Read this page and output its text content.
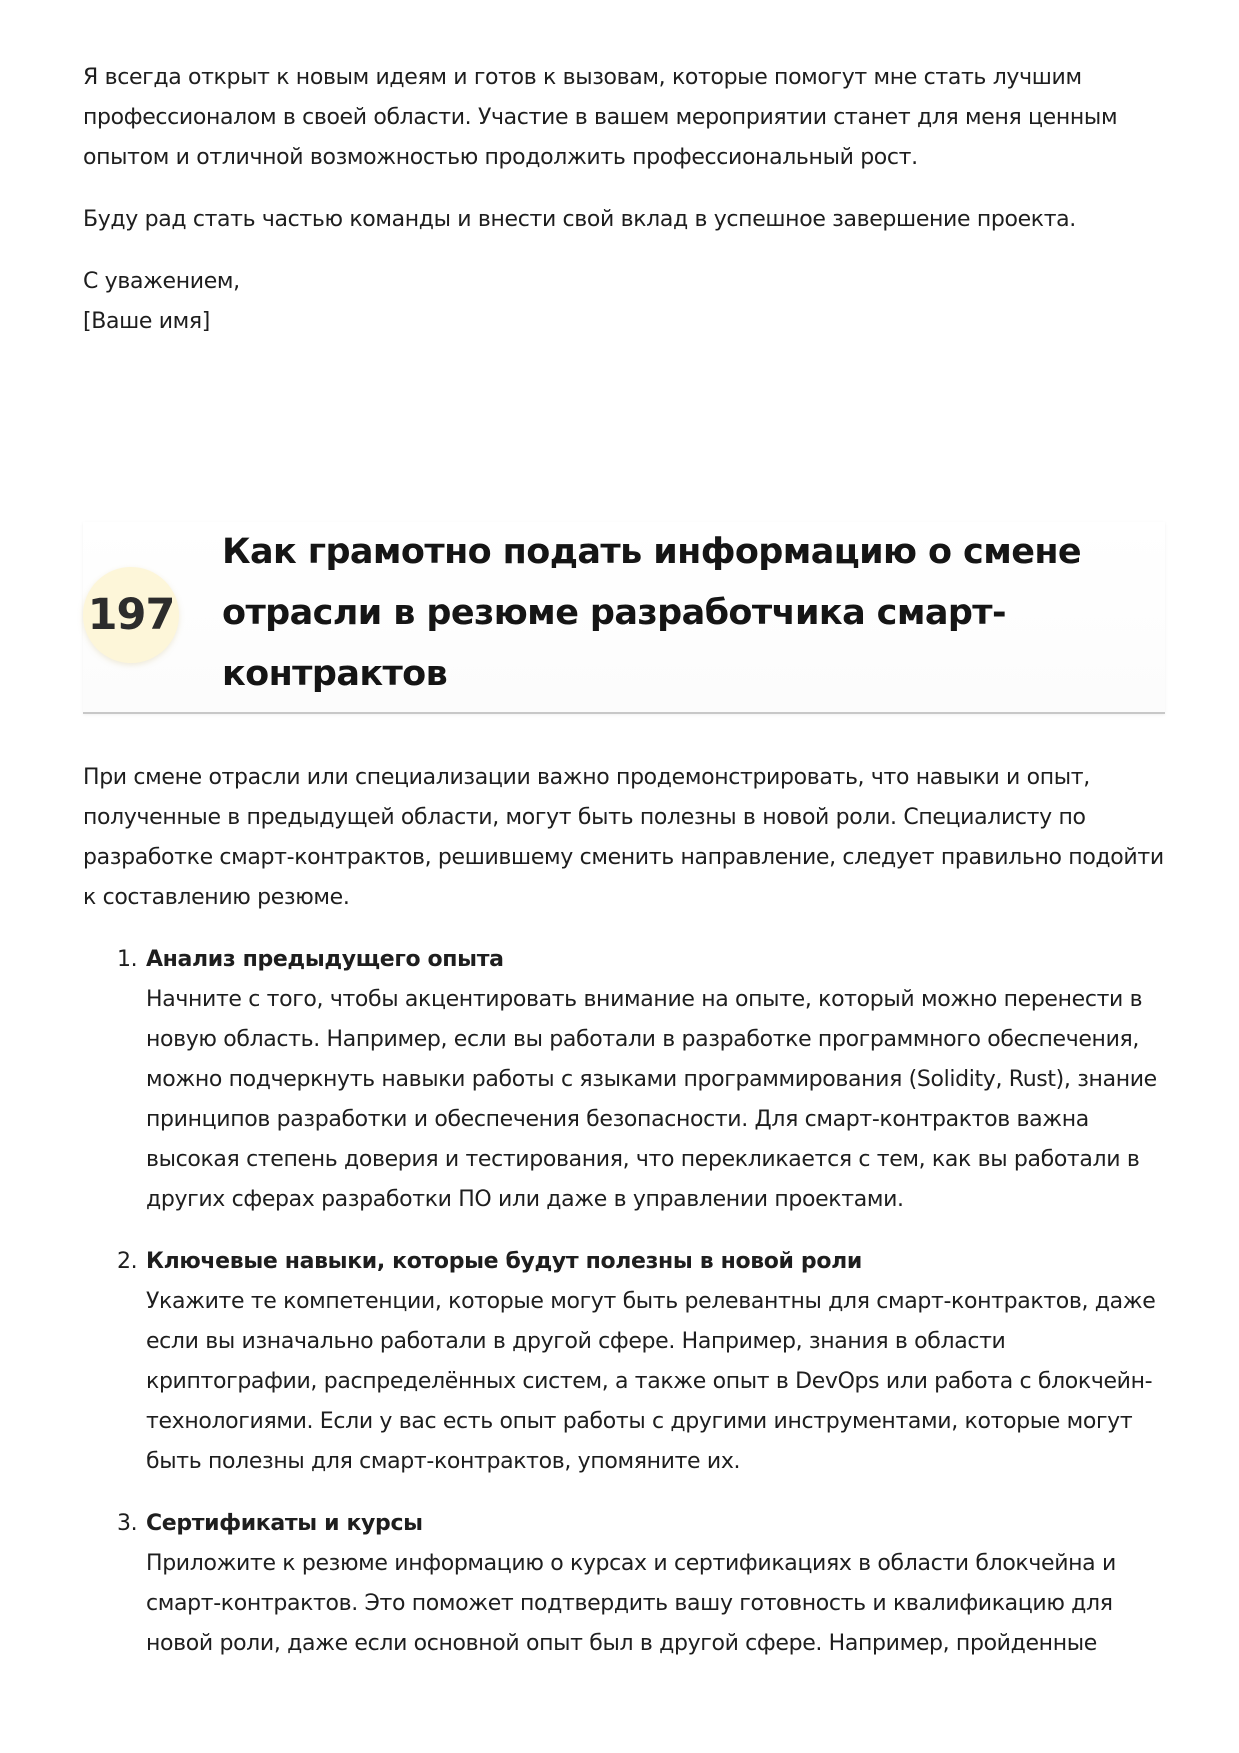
Я всегда открыт к новым идеям и готов к вызовам, которые помогут мне стать лучшим профессионалом в своей области. Участие в вашем мероприятии станет для меня ценным опытом и отличной возможностью продолжить профессиональный рост.

Буду рад стать частью команды и внести свой вклад в успешное завершение проекта.

С уважением,
[Ваше имя]

197
Как грамотно подать информацию о смене отрасли в резюме разработчика смарт-контрактов

При смене отрасли или специализации важно продемонстрировать, что навыки и опыт, полученные в предыдущей области, могут быть полезны в новой роли. Специалисту по разработке смарт-контрактов, решившему сменить направление, следует правильно подойти к составлению резюме.

1. Анализ предыдущего опыта
Начните с того, чтобы акцентировать внимание на опыте, который можно перенести в новую область. Например, если вы работали в разработке программного обеспечения, можно подчеркнуть навыки работы с языками программирования (Solidity, Rust), знание принципов разработки и обеспечения безопасности. Для смарт-контрактов важна высокая степень доверия и тестирования, что перекликается с тем, как вы работали в других сферах разработки ПО или даже в управлении проектами.
2. Ключевые навыки, которые будут полезны в новой роли
Укажите те компетенции, которые могут быть релевантны для смарт-контрактов, даже если вы изначально работали в другой сфере. Например, знания в области криптографии, распределённых систем, а также опыт в DevOps или работа с блокчейн-технологиями. Если у вас есть опыт работы с другими инструментами, которые могут быть полезны для смарт-контрактов, упомяните их.
3. Сертификаты и курсы
Приложите к резюме информацию о курсах и сертификациях в области блокчейна и смарт-контрактов. Это поможет подтвердить вашу готовность и квалификацию для новой роли, даже если основной опыт был в другой сфере. Например, пройденные
